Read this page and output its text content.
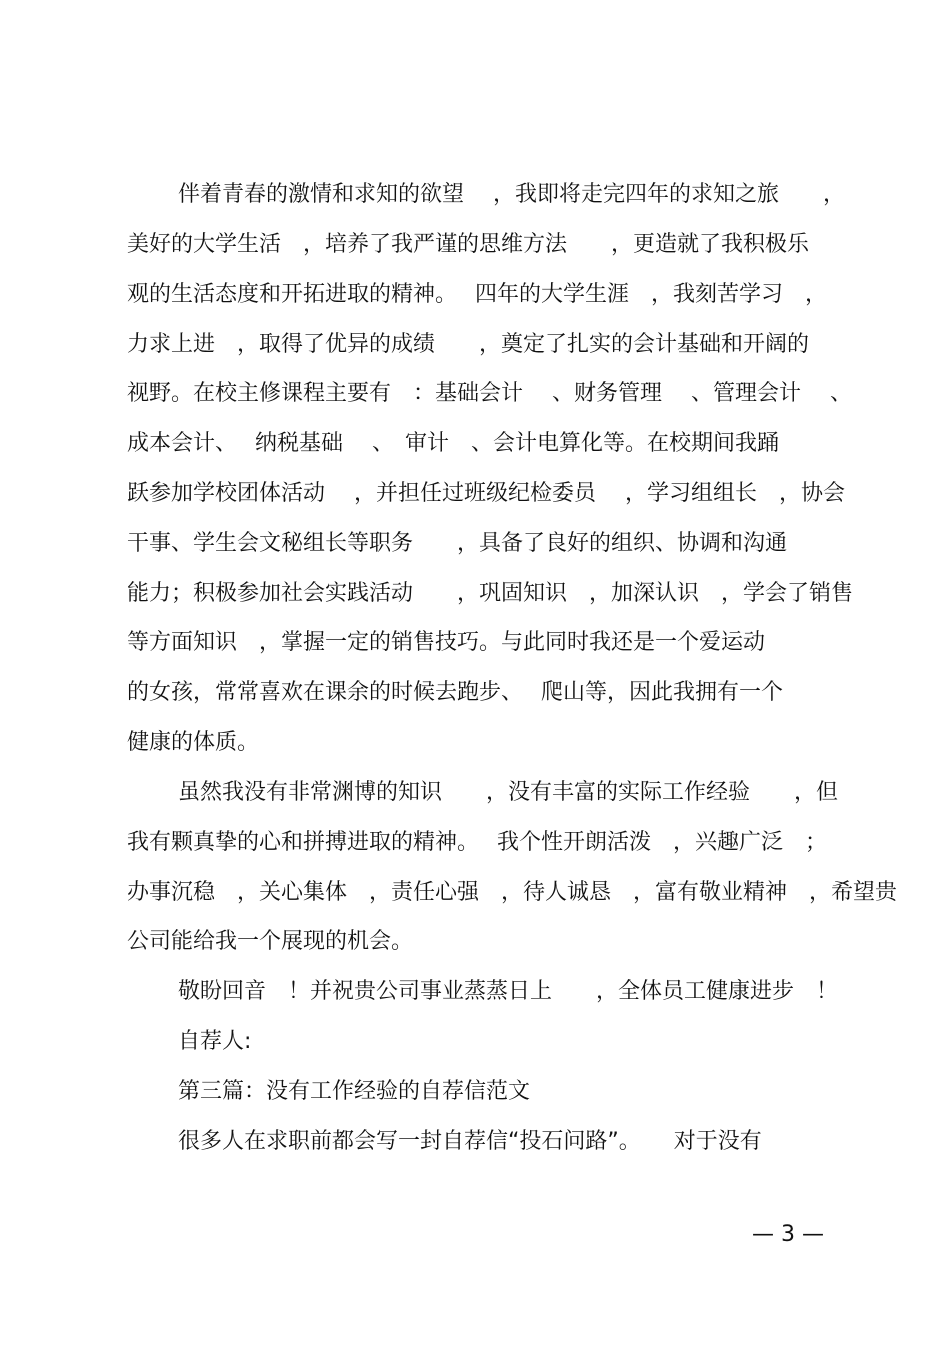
伴着青春的激情和求知的欲望　 ，我即将走完四年的求知之旅　　，
美好的大学生活　，培养了我严谨的思维方法　　，更造就了我积极乐
观的生活态度和开拓进取的精神。　 四年的大学生涯　，我刻苦学习　，
力求上进　，取得了优异的成绩　　，奠定了扎实的会计基础和开阔的
视野。在校主修课程主要有　：基础会计　 、财务管理　 、管理会计　 、
成本会计、　 纳税基础　 、　审计　、会计电算化等。在校期间我踊
跃参加学校团体活动　 ，并担任过班级纪检委员　 ，学习组组长　，协会
干事、学生会文秘组长等职务　　，具备了良好的组织、协调和沟通
能力；积极参加社会实践活动　　，巩固知识　，加深认识　，学会了销售
等方面知识　，掌握一定的销售技巧。与此同时我还是一个爱运动
的女孩，常常喜欢在课余的时候去跑步、　 爬山等，因此我拥有一个
健康的体质。
虽然我没有非常渊博的知识　　，没有丰富的实际工作经验　　，但
我有颗真挚的心和拼搏进取的精神。　 我个性开朗活泼　，兴趣广泛　；
办事沉稳　，关心集体　，责任心强　，待人诚恳　，富有敬业精神　，希望贵
公司能给我一个展现的机会。
敬盼回音　！并祝贵公司事业蒸蒸日上　　，全体员工健康进步　！
自荐人:
第三篇：没有工作经验的自荐信范文
很多人在求职前都会写一封自荐信“投石问路”。　　对于没有
— 3 —
